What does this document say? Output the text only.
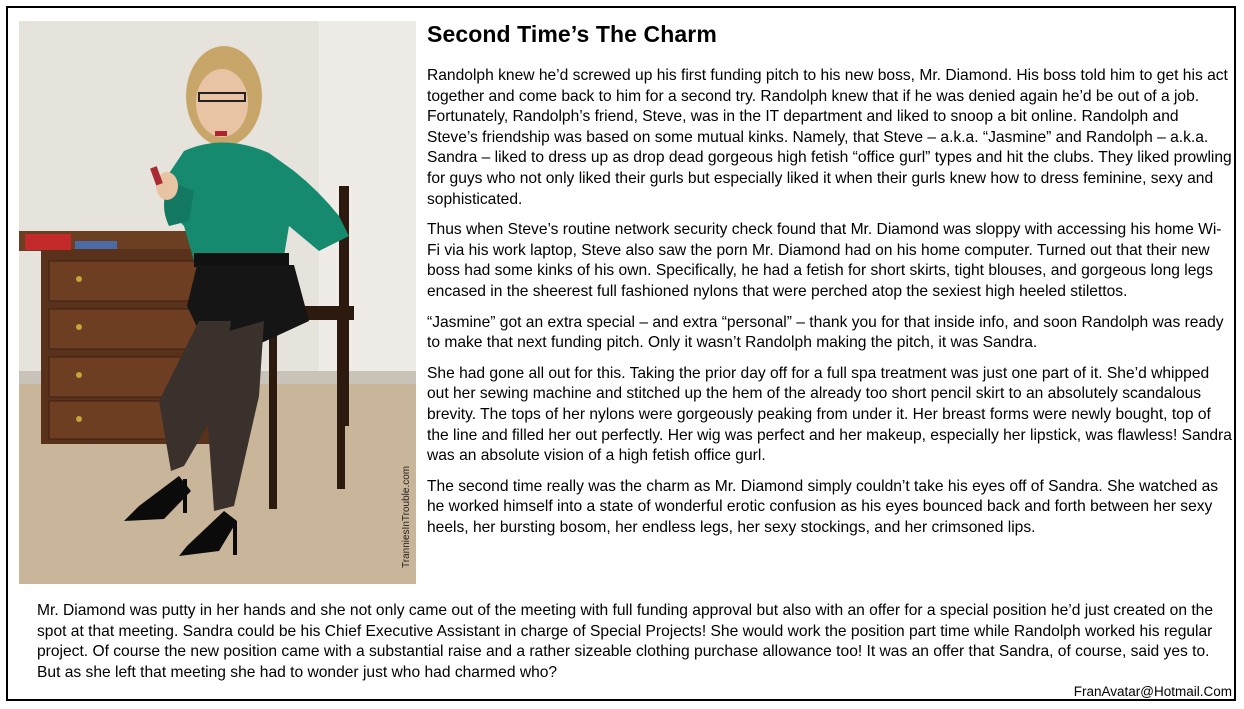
TranniesInTrouble.com
Second Time’s The Charm

Randolph knew he’d screwed up his first funding pitch to his new boss, Mr. Diamond. His boss told him to get his act together and come back to him for a second try. Randolph knew that if he was denied again he’d be out of a job. Fortunately, Randolph’s friend, Steve, was in the IT department and liked to snoop a bit online. Randolph and Steve’s friendship was based on some mutual kinks. Namely, that Steve – a.k.a. “Jasmine” and Randolph – a.k.a. Sandra – liked to dress up as drop dead gorgeous high fetish “office gurl” types and hit the clubs. They liked prowling for guys who not only liked their gurls but especially liked it when their gurls knew how to dress feminine, sexy and sophisticated.

Thus when Steve’s routine network security check found that Mr. Diamond was sloppy with accessing his home Wi-Fi via his work laptop, Steve also saw the porn Mr. Diamond had on his home computer. Turned out that their new boss had some kinks of his own. Specifically, he had a fetish for short skirts, tight blouses, and gorgeous long legs encased in the sheerest full fashioned nylons that were perched atop the sexiest high heeled stilettos.

“Jasmine” got an extra special – and extra “personal” – thank you for that inside info, and soon Randolph was ready to make that next funding pitch. Only it wasn’t Randolph making the pitch, it was Sandra.

She had gone all out for this. Taking the prior day off for a full spa treatment was just one part of it. She’d whipped out her sewing machine and stitched up the hem of the already too short pencil skirt to an absolutely scandalous brevity. The tops of her nylons were gorgeously peaking from under it. Her breast forms were newly bought, top of the line and filled her out perfectly. Her wig was perfect and her makeup, especially her lipstick, was flawless! Sandra was an absolute vision of a high fetish office gurl.

The second time really was the charm as Mr. Diamond simply couldn’t take his eyes off of Sandra. She watched as he worked himself into a state of wonderful erotic confusion as his eyes bounced back and forth between her sexy heels, her bursting bosom, her endless legs, her sexy stockings, and her crimsoned lips.

Mr. Diamond was putty in her hands and she not only came out of the meeting with full funding approval but also with an offer for a special position he’d just created on the spot at that meeting. Sandra could be his Chief Executive Assistant in charge of Special Projects! She would work the position part time while Randolph worked his regular project. Of course the new position came with a substantial raise and a rather sizeable clothing purchase allowance too! It was an offer that Sandra, of course, said yes to. But as she left that meeting she had to wonder just who had charmed who?

FranAvatar@Hotmail.Com
